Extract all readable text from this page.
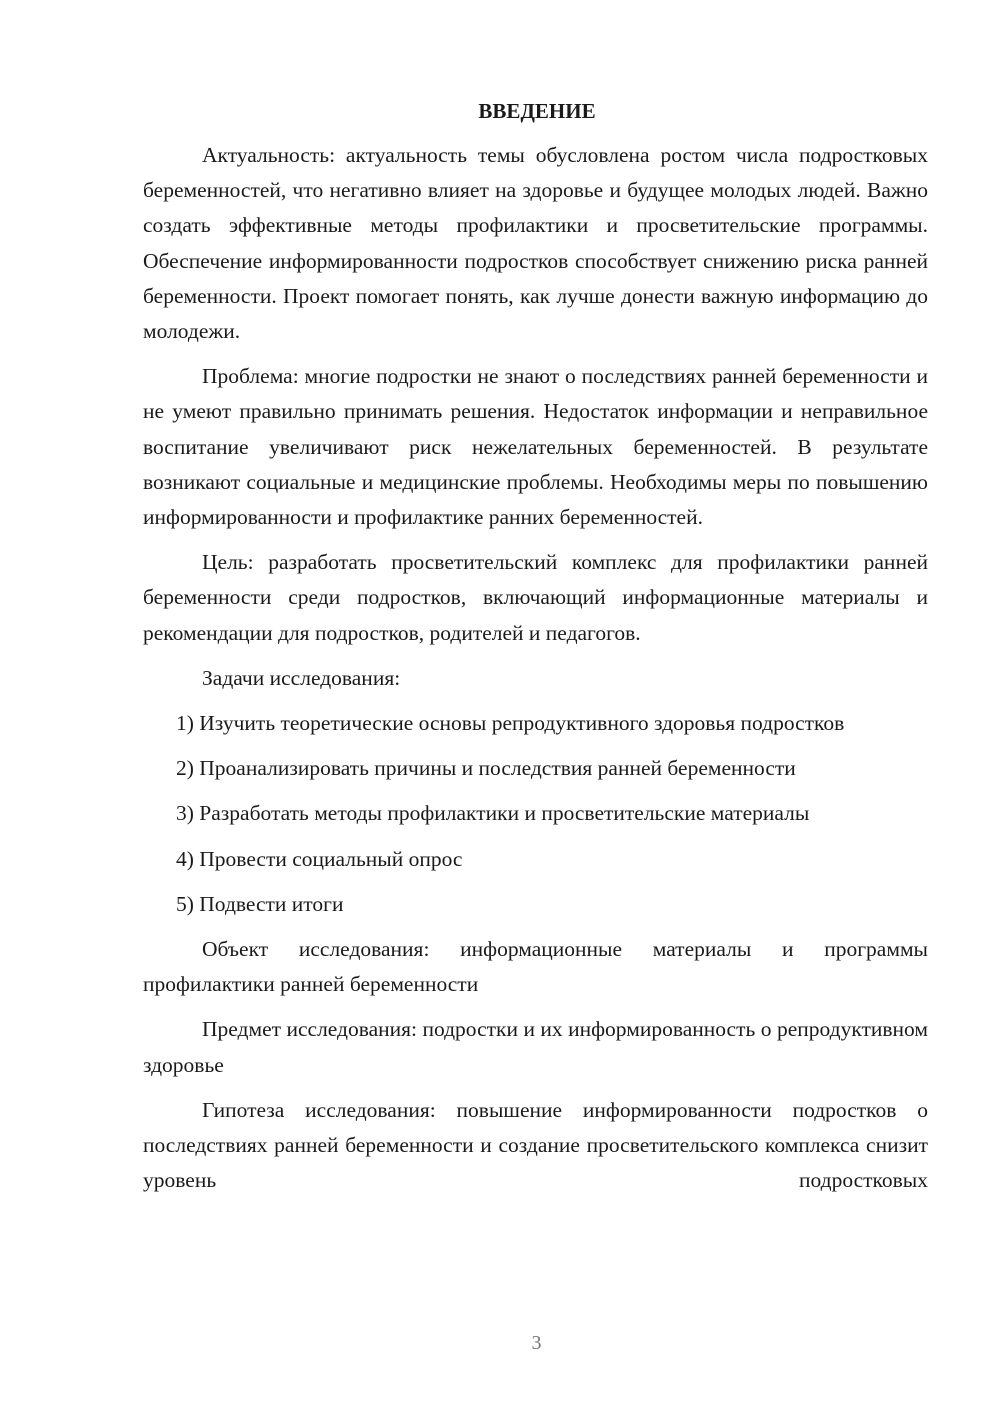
ВВЕДЕНИЕ
Актуальность: актуальность темы обусловлена ростом числа подростковых беременностей, что негативно влияет на здоровье и будущее молодых людей. Важно создать эффективные методы профилактики и просветительские программы. Обеспечение информированности подростков способствует снижению риска ранней беременности. Проект помогает понять, как лучше донести важную информацию до молодежи.
Проблема: многие подростки не знают о последствиях ранней беременности и не умеют правильно принимать решения. Недостаток информации и неправильное воспитание увеличивают риск нежелательных беременностей. В результате возникают социальные и медицинские проблемы. Необходимы меры по повышению информированности и профилактике ранних беременностей.
Цель: разработать просветительский комплекс для профилактики ранней беременности среди подростков, включающий информационные материалы и рекомендации для подростков, родителей и педагогов.
Задачи исследования:
1) Изучить теоретические основы репродуктивного здоровья подростков
2) Проанализировать причины и последствия ранней беременности
3) Разработать методы профилактики и просветительские материалы
4) Провести социальный опрос
5) Подвести итоги
Объект исследования: информационные материалы и программы профилактики ранней беременности
Предмет исследования: подростки и их информированность о репродуктивном здоровье
Гипотеза исследования: повышение информированности подростков о последствиях ранней беременности и создание просветительского комплекса снизит уровень подростковых
3
